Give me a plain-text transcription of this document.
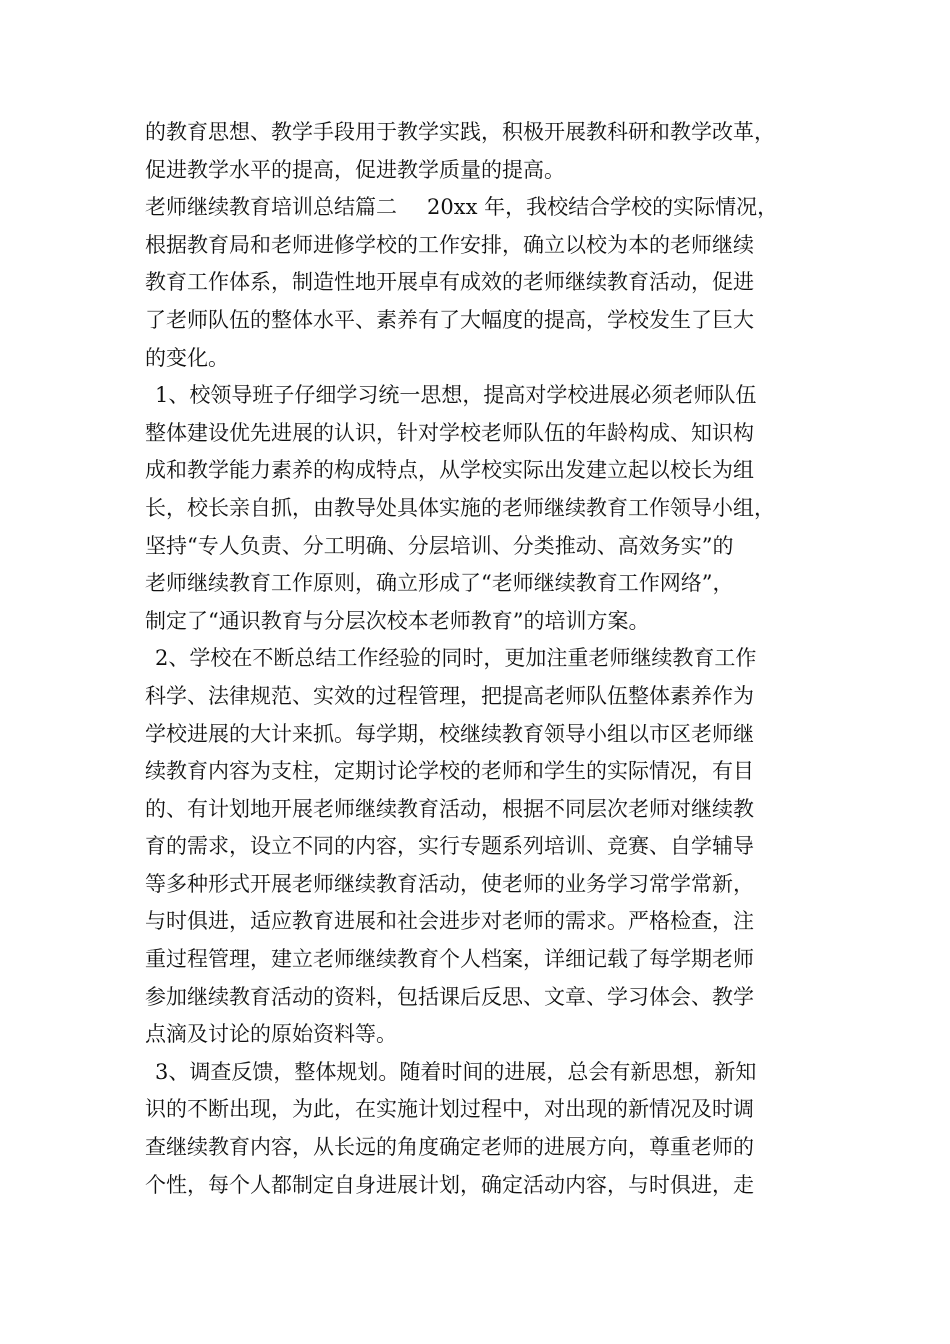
的教育思想、教学手段用于教学实践，积极开展教科研和教学改革，
促进教学水平的提高，促进教学质量的提高。
老师继续教育培训总结篇二 20xx 年，我校结合学校的实际情况，
根据教育局和老师进修学校的工作安排，确立以校为本的老师继续
教育工作体系，制造性地开展卓有成效的老师继续教育活动，促进
了老师队伍的整体水平、素养有了大幅度的提高，学校发生了巨大
的变化。
1、校领导班子仔细学习统一思想，提高对学校进展必须老师队伍
整体建设优先进展的认识，针对学校老师队伍的年龄构成、知识构
成和教学能力素养的构成特点，从学校实际出发建立起以校长为组
长，校长亲自抓，由教导处具体实施的老师继续教育工作领导小组，
坚持“专人负责、分工明确、分层培训、分类推动、高效务实”的
老师继续教育工作原则，确立形成了“老师继续教育工作网络”，
制定了“通识教育与分层次校本老师教育”的培训方案。
2、学校在不断总结工作经验的同时，更加注重老师继续教育工作
科学、法律规范、实效的过程管理，把提高老师队伍整体素养作为
学校进展的大计来抓。每学期，校继续教育领导小组以市区老师继
续教育内容为支柱，定期讨论学校的老师和学生的实际情况，有目
的、有计划地开展老师继续教育活动，根据不同层次老师对继续教
育的需求，设立不同的内容，实行专题系列培训、竞赛、自学辅导
等多种形式开展老师继续教育活动，使老师的业务学习常学常新，
与时俱进，适应教育进展和社会进步对老师的需求。严格检查，注
重过程管理，建立老师继续教育个人档案，详细记载了每学期老师
参加继续教育活动的资料，包括课后反思、文章、学习体会、教学
点滴及讨论的原始资料等。
3、调查反馈，整体规划。随着时间的进展，总会有新思想，新知
识的不断出现，为此，在实施计划过程中，对出现的新情况及时调
查继续教育内容，从长远的角度确定老师的进展方向，尊重老师的
个性，每个人都制定自身进展计划，确定活动内容，与时俱进，走
